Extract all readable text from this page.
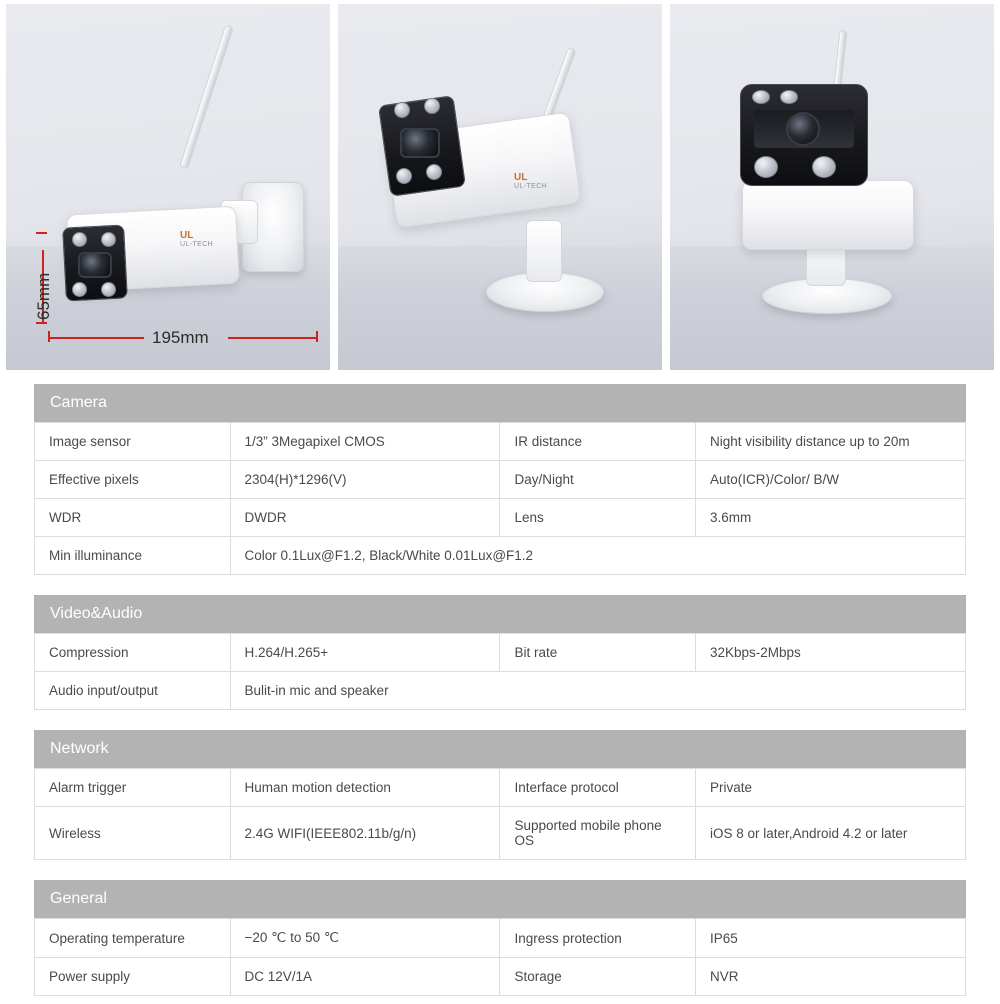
UL
UL-TECH
195mm
65mm
UL
UL-TECH
Camera
Image sensor	1/3” 3Megapixel CMOS	IR distance	Night visibility distance up to 20m
Effective pixels	2304(H)*1296(V)	Day/Night	Auto(ICR)/Color/ B/W
WDR	DWDR	Lens	3.6mm
Min illuminance	Color 0.1Lux@F1.2, Black/White 0.01Lux@F1.2		
Video&Audio
Compression	H.264/H.265+	Bit rate	32Kbps-2Mbps
Audio input/output	Bulit-in mic and speaker		
Network
Alarm trigger	Human motion detection	Interface protocol	Private
Wireless	2.4G WIFI(IEEE802.11b/g/n)	Supported mobile phone OS	iOS 8 or later,Android 4.2 or later
General
Operating temperature	−20 ℃ to 50 ℃	Ingress protection	IP65
Power supply	DC 12V/1A	Storage	NVR
